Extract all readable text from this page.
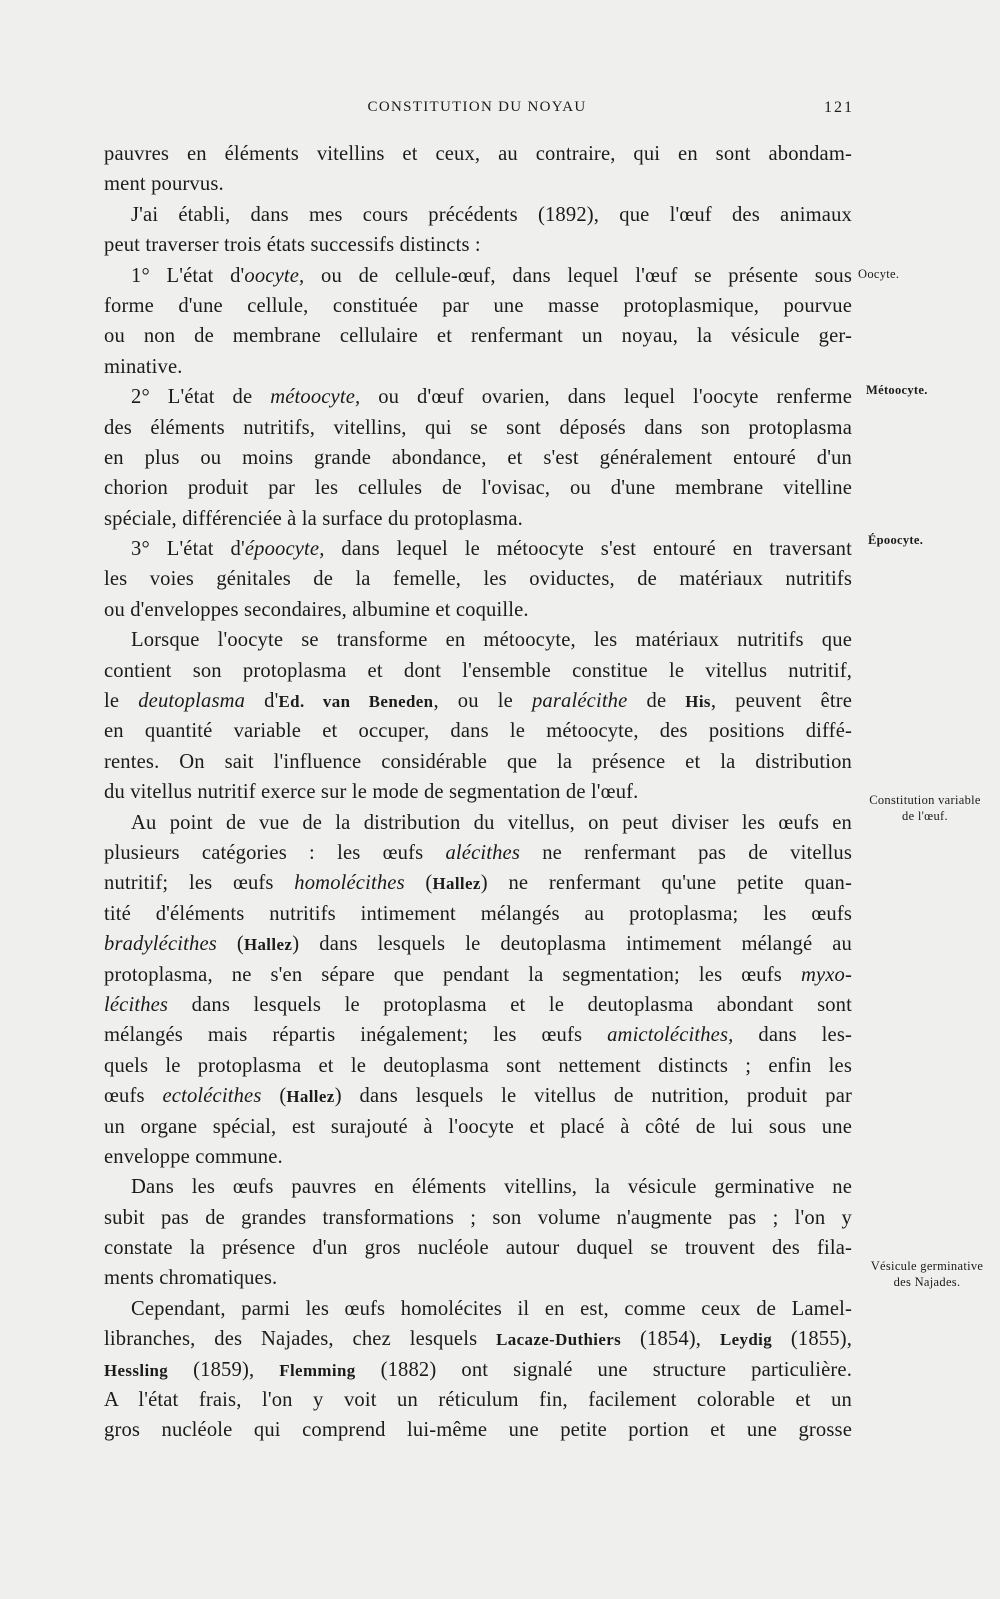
CONSTITUTION DU NOYAU	121
pauvres en éléments vitellins et ceux, au contraire, qui en sont abondam-
ment pourvus.
J'ai établi, dans mes cours précédents (1892), que l'œuf des animaux
peut traverser trois états successifs distincts :
1° L'état d'oocyte, ou de cellule-œuf, dans lequel l'œuf se présente sous
forme d'une cellule, constituée par une masse protoplasmique, pourvue
ou non de membrane cellulaire et renfermant un noyau, la vésicule ger-
minative.
2° L'état de métoocyte, ou d'œuf ovarien, dans lequel l'oocyte renferme
des éléments nutritifs, vitellins, qui se sont déposés dans son protoplasma
en plus ou moins grande abondance, et s'est généralement entouré d'un
chorion produit par les cellules de l'ovisac, ou d'une membrane vitelline
spéciale, différenciée à la surface du protoplasma.
3° L'état d'époocyte, dans lequel le métoocyte s'est entouré en traversant
les voies génitales de la femelle, les oviductes, de matériaux nutritifs
ou d'enveloppes secondaires, albumine et coquille.
Lorsque l'oocyte se transforme en métoocyte, les matériaux nutritifs que
contient son protoplasma et dont l'ensemble constitue le vitellus nutritif,
le deutoplasma d'Ed. van Beneden, ou le paralécithe de His, peuvent être
en quantité variable et occuper, dans le métoocyte, des positions diffé-
rentes. On sait l'influence considérable que la présence et la distribution
du vitellus nutritif exerce sur le mode de segmentation de l'œuf.
Au point de vue de la distribution du vitellus, on peut diviser les œufs en
plusieurs catégories : les œufs alécithes ne renfermant pas de vitellus
nutritif; les œufs homolécithes (Hallez) ne renfermant qu'une petite quan-
tité d'éléments nutritifs intimement mélangés au protoplasma; les œufs
bradylécithes (Hallez) dans lesquels le deutoplasma intimement mélangé au
protoplasma, ne s'en sépare que pendant la segmentation; les œufs myxo-
lécithes dans lesquels le protoplasma et le deutoplasma abondant sont
mélangés mais répartis inégalement; les œufs amictolécithes, dans les-
quels le protoplasma et le deutoplasma sont nettement distincts ; enfin les
œufs ectolécithes (Hallez) dans lesquels le vitellus de nutrition, produit par
un organe spécial, est surajouté à l'oocyte et placé à côté de lui sous une
enveloppe commune.
Dans les œufs pauvres en éléments vitellins, la vésicule germinative ne
subit pas de grandes transformations ; son volume n'augmente pas ; l'on y
constate la présence d'un gros nucléole autour duquel se trouvent des fila-
ments chromatiques.
Cependant, parmi les œufs homolécites il en est, comme ceux de Lamel-
libranches, des Najades, chez lesquels Lacaze-Duthiers (1854), Leydig (1855),
Hessling (1859), Flemming (1882) ont signalé une structure particulière.
A l'état frais, l'on y voit un réticulum fin, facilement colorable et un
gros nucléole qui comprend lui-même une petite portion et une grosse
Oocyte.
Métoocyte.
Époocyte.
Constitution variable de l'œuf.
Vésicule germinative des Najades.
